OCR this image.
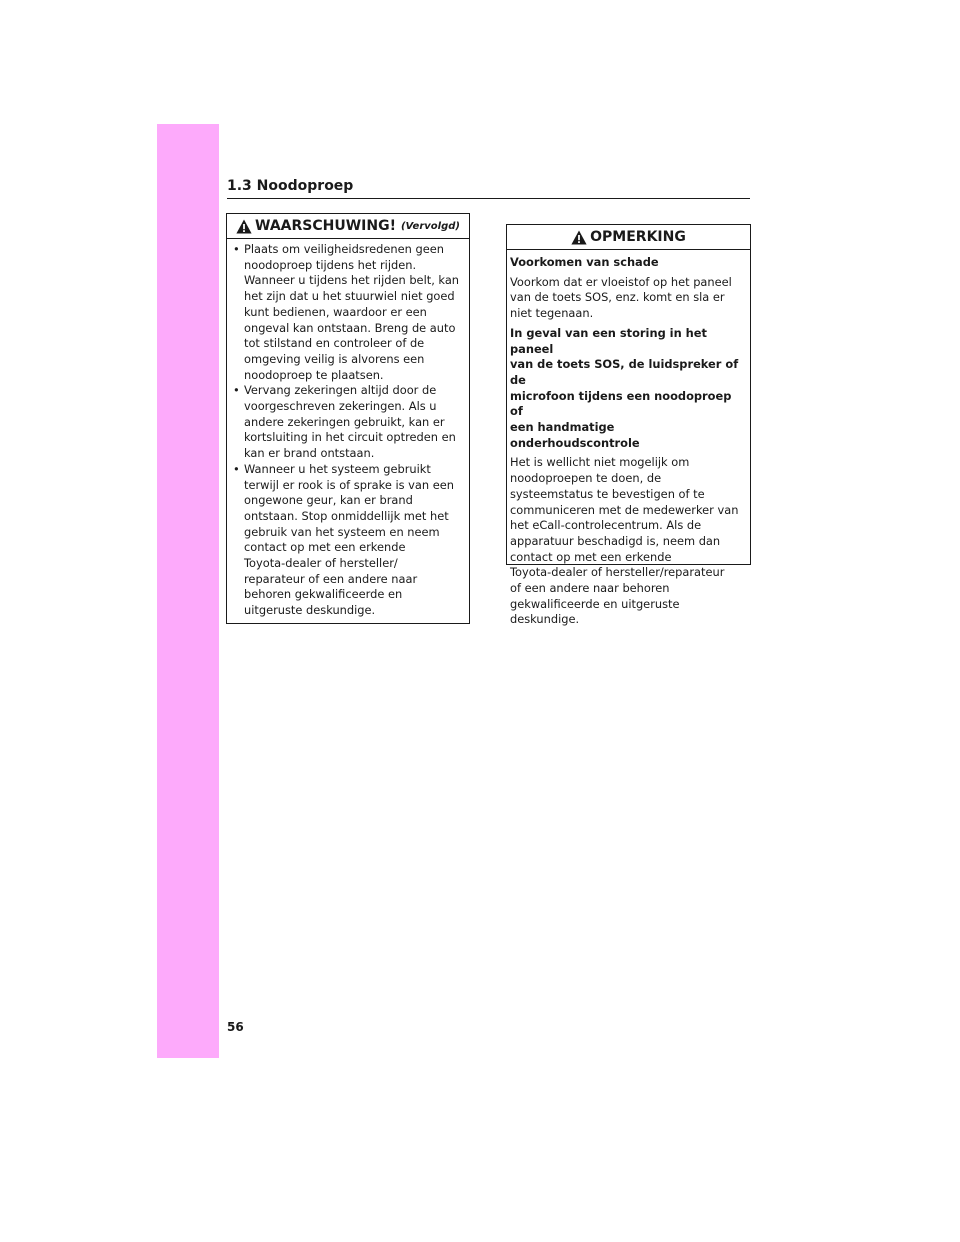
1.3 Noodoproep
WAARSCHUWING! (Vervolgd)
• Plaats om veiligheidsredenen geen
noodoproep tijdens het rijden.
Wanneer u tijdens het rijden belt, kan
het zijn dat u het stuurwiel niet goed
kunt bedienen, waardoor er een
ongeval kan ontstaan. Breng de auto
tot stilstand en controleer of de
omgeving veilig is alvorens een
noodoproep te plaatsen.
• Vervang zekeringen altijd door de
voorgeschreven zekeringen. Als u
andere zekeringen gebruikt, kan er
kortsluiting in het circuit optreden en
kan er brand ontstaan.
• Wanneer u het systeem gebruikt
terwijl er rook is of sprake is van een
ongewone geur, kan er brand
ontstaan. Stop onmiddellijk met het
gebruik van het systeem en neem
contact op met een erkende
Toyota-dealer of hersteller/
reparateur of een andere naar
behoren gekwalificeerde en
uitgeruste deskundige.
OPMERKING

Voorkomen van schade

Voorkom dat er vloeistof op het paneel
van de toets SOS, enz. komt en sla er
niet tegenaan.

In geval van een storing in het paneel
van de toets SOS, de luidspreker of de
microfoon tijdens een noodoproep of
een handmatige onderhoudscontrole

Het is wellicht niet mogelijk om
noodoproepen te doen, de
systeemstatus te bevestigen of te
communiceren met de medewerker van
het eCall-controlecentrum. Als de
apparatuur beschadigd is, neem dan
contact op met een erkende
Toyota-dealer of hersteller/reparateur
of een andere naar behoren
gekwalificeerde en uitgeruste
deskundige.

56
